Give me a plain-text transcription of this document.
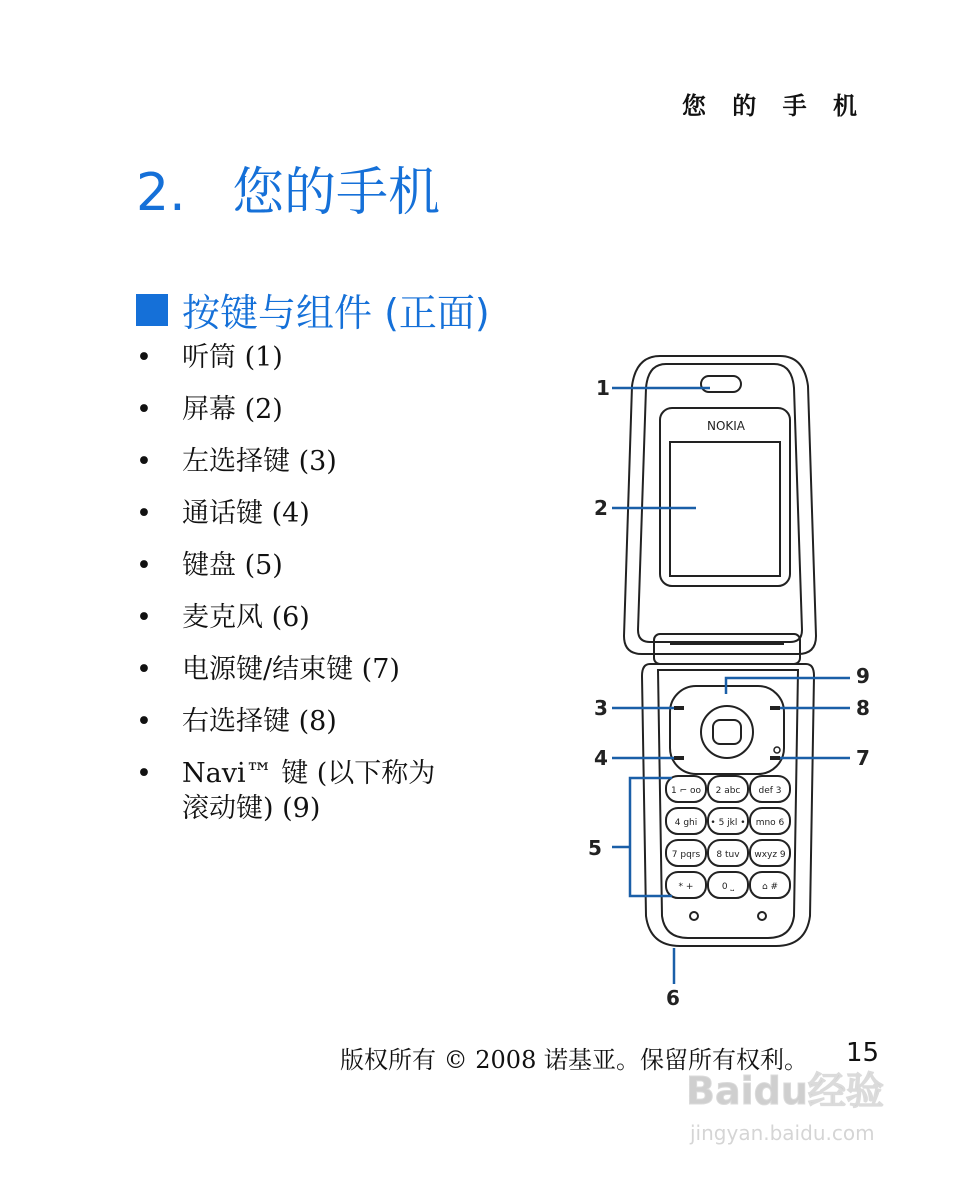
您 的 手 机
2. 您的手机
按键与组件 (正面)
• 听筒 (1)
• 屏幕 (2)
• 左选择键 (3)
• 通话键 (4)
• 键盘 (5)
• 麦克风 (6)
• 电源键/结束键 (7)
• 右选择键 (8)
• Navi™ 键 (以下称为
滚动键) (9)
NOKIA
1 ⌐ oo 2 abc def 3
4 ghi • 5 jkl • mno 6
7 pqrs 8 tuv wxyz 9
* +	0 ⎵	⌂ #
1
2
3
4
5
6
7
8
9
版权所有 © 2008 诺基亚。保留所有权利。 15
Baidu经验
jingyan.baidu.com
